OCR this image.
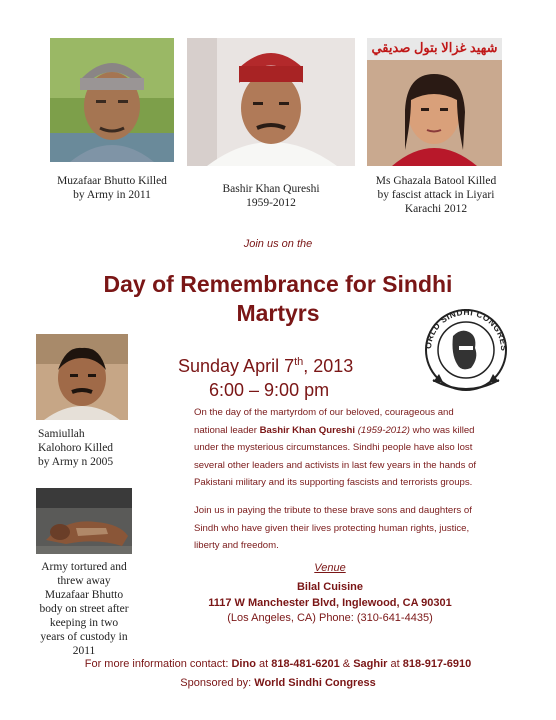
شهيد غزالا بتول صديقي
Muzafaar Bhutto Killed
by Army in 2011	Bashir Khan Qureshi
1959-2012
Ms Ghazala Batool Killed
by fascist attack in Liyari
Karachi 2012
Join us on the
Day of Remembrance for Sindhi
Martyrs
ORLD SINDHI CONGRES
Samiullah
Kalohoro Killed
by Army n 2005
Army tortured and
threw away
Muzafaar Bhutto
body on street after
keeping in two
years of custody in
2011
Sunday April 7th, 2013
6:00 – 9:00 pm
On the day of the martyrdom of our beloved, courageous and
national leader Bashir Khan Qureshi (1959-2012) who was killed
under the mysterious circumstances. Sindhi people have also lost
several other leaders and activists in last few years in the hands of
Pakistani military and its supporting fascists and terrorists groups.
Join us in paying the tribute to these brave sons and daughters of
Sindh who have given their lives protecting human rights, justice,
liberty and freedom.
Venue
Bilal Cuisine
1117 W Manchester Blvd, Inglewood, CA 90301
(Los Angeles, CA) Phone: (310-641-4435)
For more information contact: Dino at 818-481-6201 & Saghir at 818-917-6910
Sponsored by: World Sindhi Congress
